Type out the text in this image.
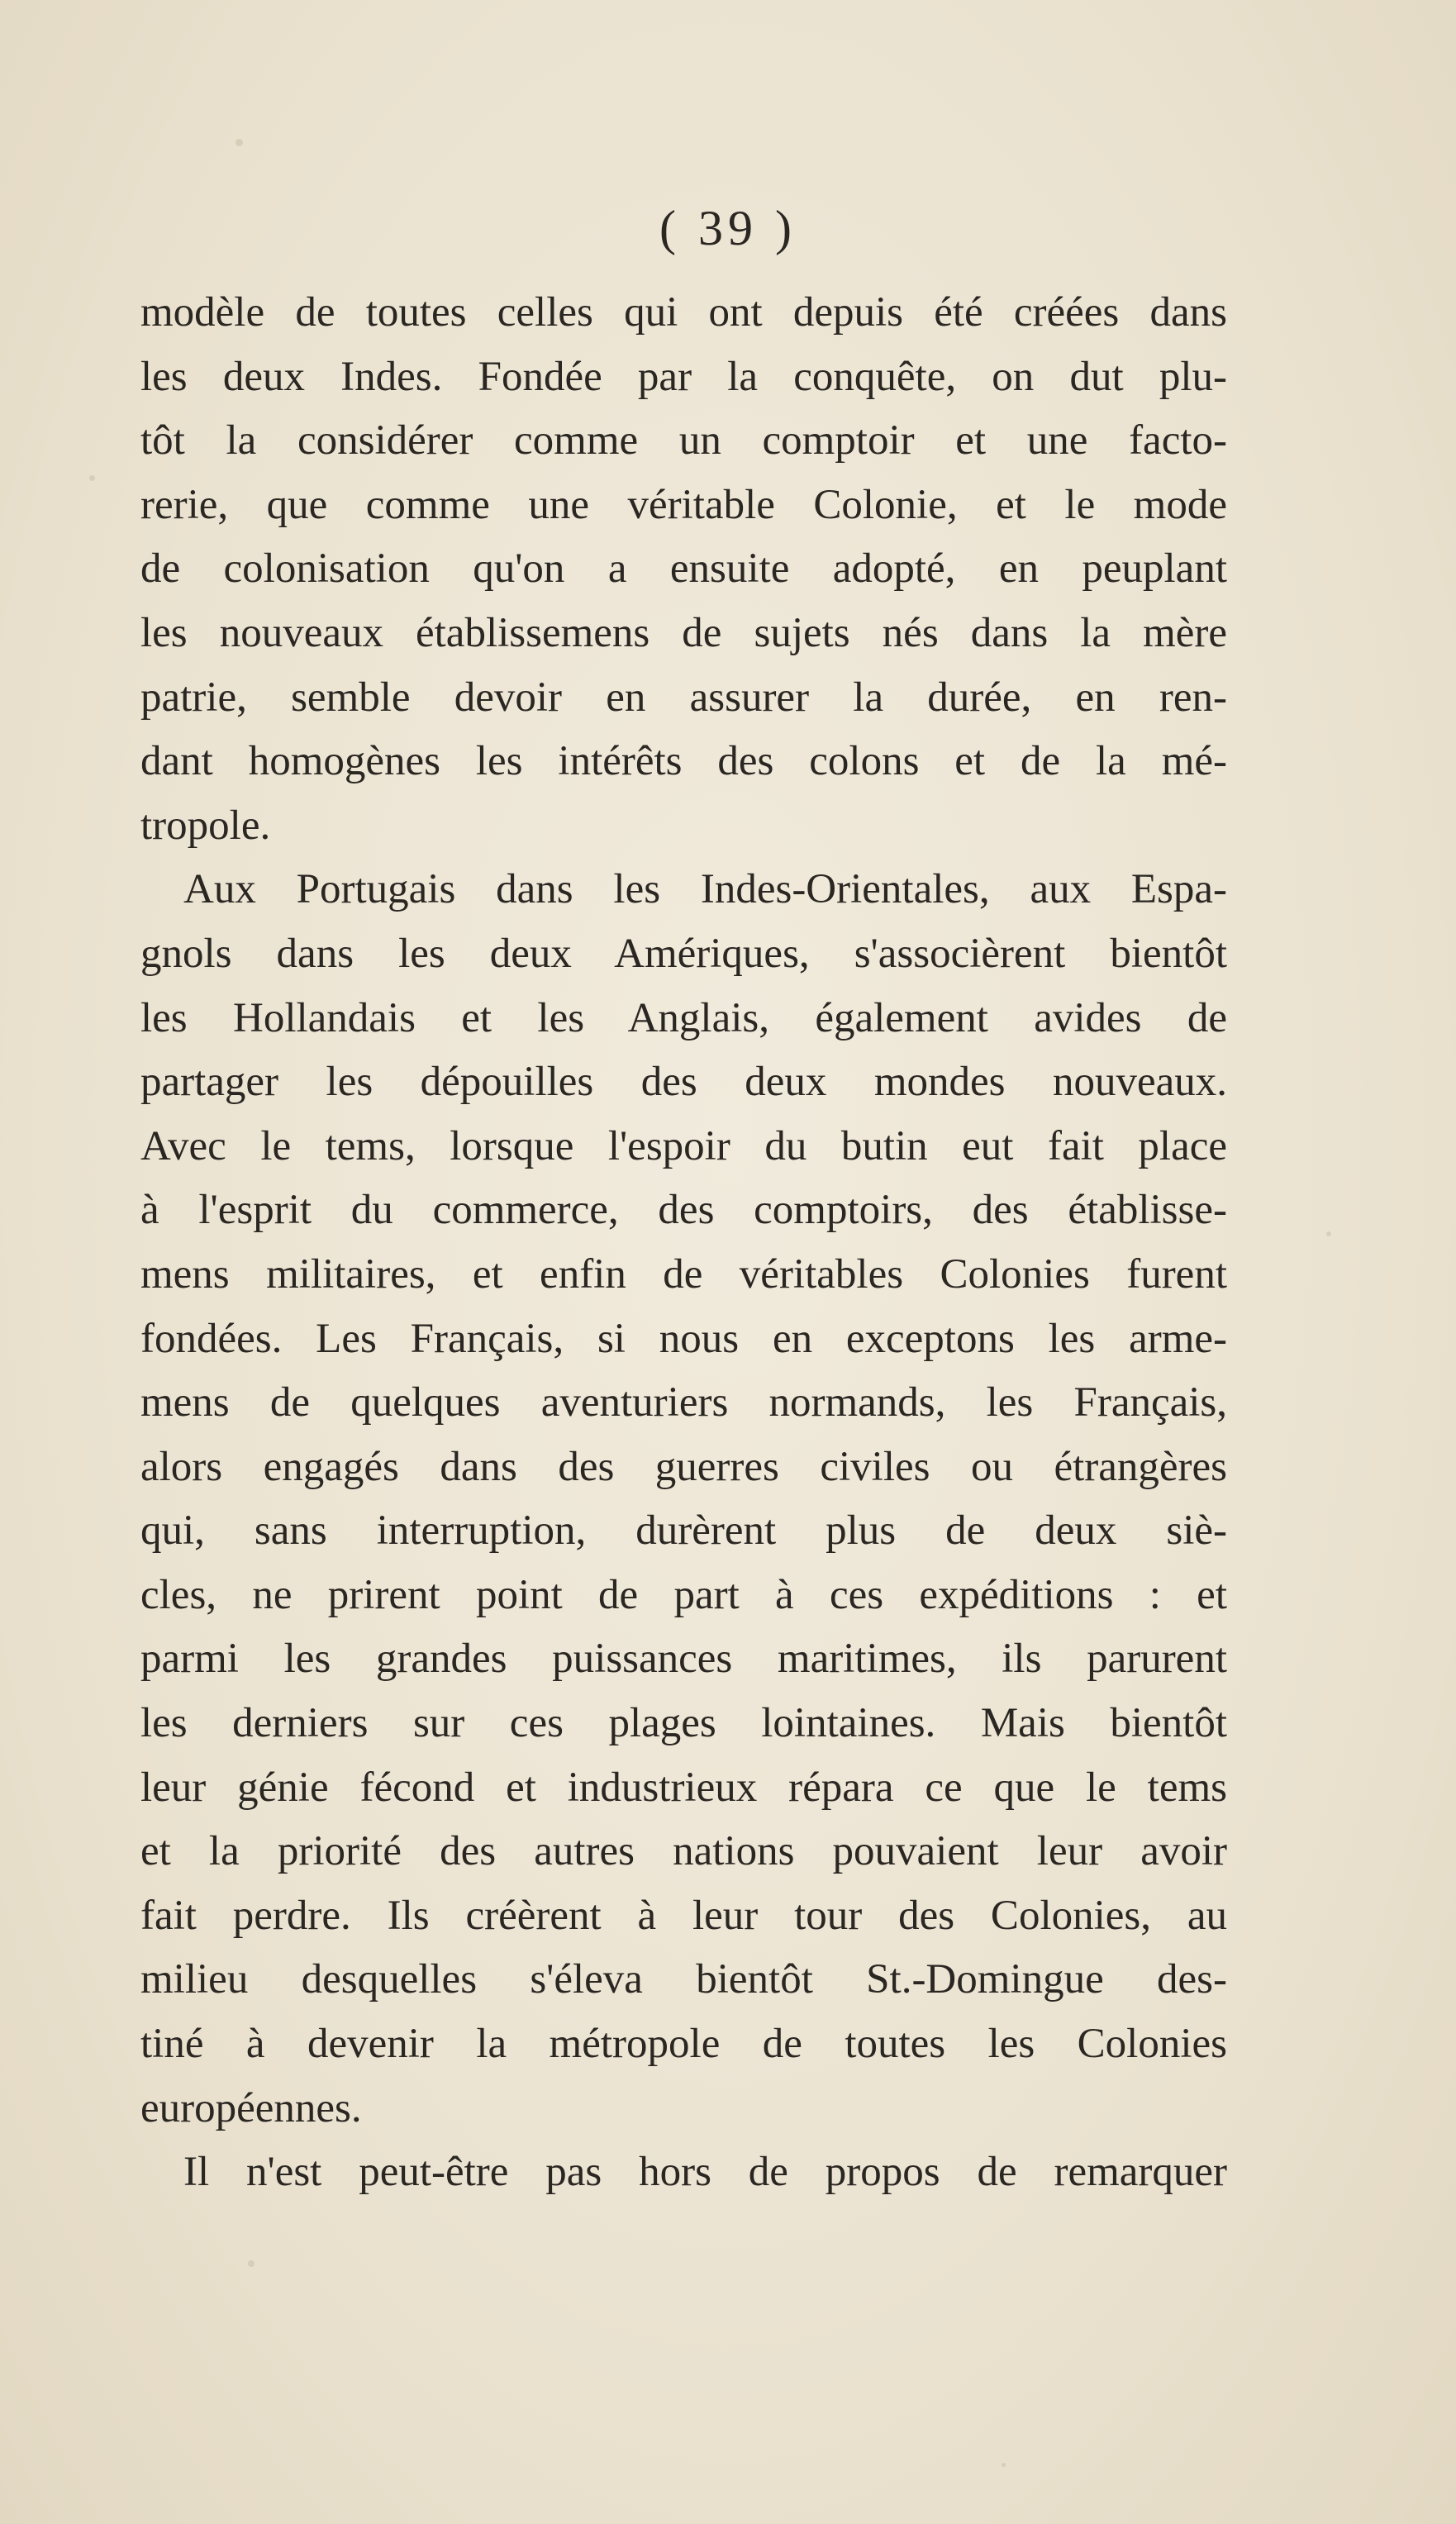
( 39 )
modèle de toutes celles qui ont depuis été créées dans
les deux Indes. Fondée par la conquête, on dut plu-
tôt la considérer comme un comptoir et une facto-
rerie, que comme une véritable Colonie, et le mode
de colonisation qu'on a ensuite adopté, en peuplant
les nouveaux établissemens de sujets nés dans la mère
patrie, semble devoir en assurer la durée, en ren-
dant homogènes les intérêts des colons et de la mé-
tropole.
Aux Portugais dans les Indes-Orientales, aux Espa-
gnols dans les deux Amériques, s'associèrent bientôt
les Hollandais et les Anglais, également avides de
partager les dépouilles des deux mondes nouveaux.
Avec le tems, lorsque l'espoir du butin eut fait place
à l'esprit du commerce, des comptoirs, des établisse-
mens militaires, et enfin de véritables Colonies furent
fondées. Les Français, si nous en exceptons les arme-
mens de quelques aventuriers normands, les Français,
alors engagés dans des guerres civiles ou étrangères
qui, sans interruption, durèrent plus de deux siè-
cles, ne prirent point de part à ces expéditions : et
parmi les grandes puissances maritimes, ils parurent
les derniers sur ces plages lointaines. Mais bientôt
leur génie fécond et industrieux répara ce que le tems
et la priorité des autres nations pouvaient leur avoir
fait perdre. Ils créèrent à leur tour des Colonies, au
milieu desquelles s'éleva bientôt St.-Domingue des-
tiné à devenir la métropole de toutes les Colonies
européennes.
Il n'est peut-être pas hors de propos de remarquer
